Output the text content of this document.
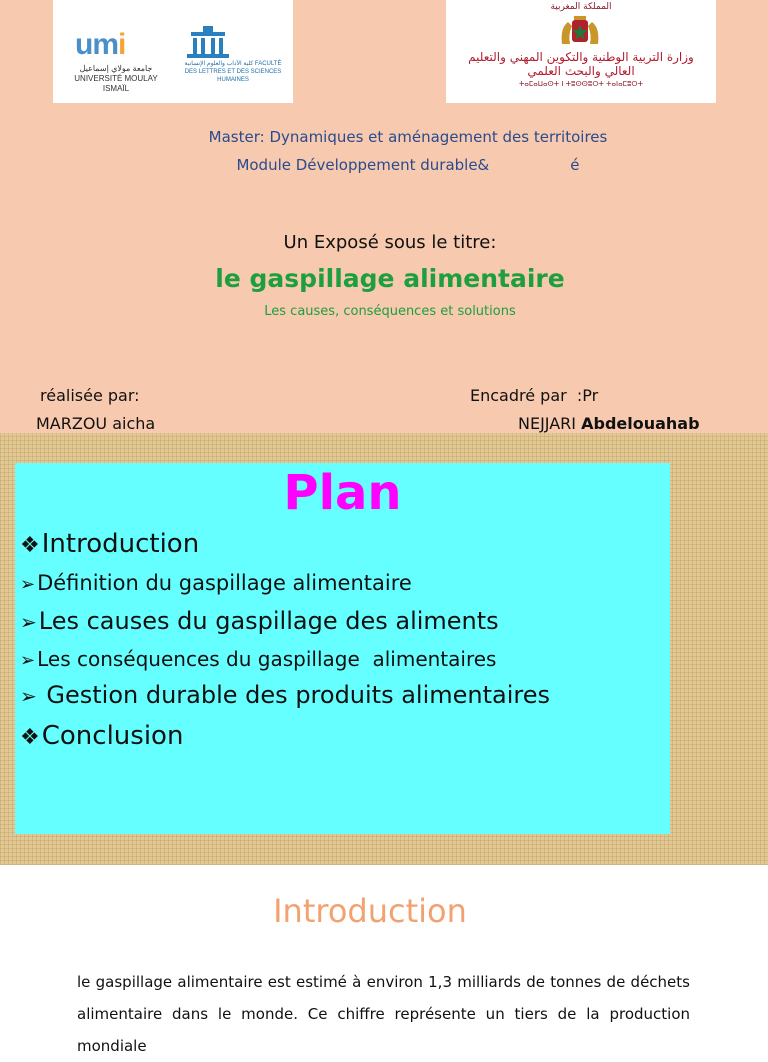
umi
جامعة مولاي إسماعيل UNIVERSITÉ MOULAY ISMAÏL
كلية الآداب والعلوم الإنسانية FACULTÉ DES LETTRES ET DES SCIENCES HUMAINES
المملكة المغربية
وزارة التربية الوطنية والتكوين المهني والتعليم العالي والبحث العلمي
ⵜⴰⵎⴰⵡⴰⵙⵜ ⵏ ⵜⵓⵙⵙⵓⵔⵜ ⵜⴰⵏⴰⵎⵓⵔⵜ
Master: Dynamiques et aménagement des territoires
Module Développement durable&                 é
Un Exposé sous le titre:
le gaspillage alimentaire
Les causes, conséquences et solutions
réalisée par:
MARZOU aicha
Encadré par  :Pr
NEJJARI Abdelouahab
Plan
❖Introduction
➢Définition du gaspillage alimentaire
➢Les causes du gaspillage des aliments
➢ Les conséquences du gaspillage  alimentaires
➢ Gestion durable des produits alimentaires
❖Conclusion
Introduction
le gaspillage alimentaire est estimé à environ 1,3 milliards de tonnes de déchets alimentaire dans le monde. Ce chiffre représente un tiers de la production mondiale
